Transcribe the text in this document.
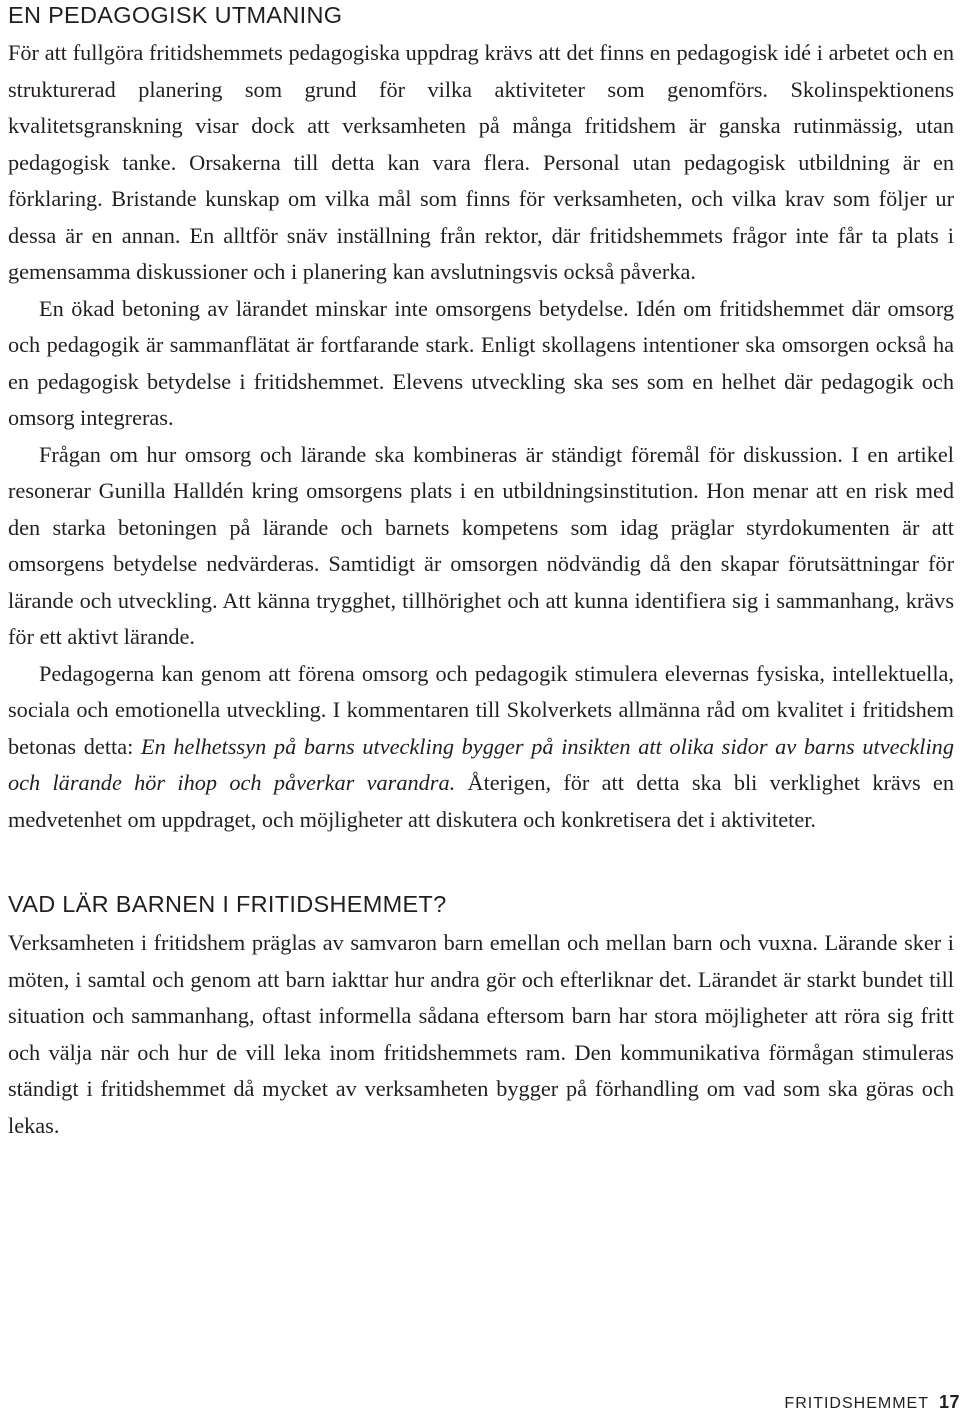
EN PEDAGOGISK UTMANING

För att fullgöra fritidshemmets pedagogiska uppdrag krävs att det finns en pedagogisk idé i arbetet och en strukturerad planering som grund för vilka aktiviteter som genomförs. Skolinspektionens kvalitetsgranskning visar dock att verksamheten på många fritidshem är ganska rutinmässig, utan pedagogisk tanke. Orsakerna till detta kan vara flera. Personal utan pedagogisk utbildning är en förklaring. Bristande kunskap om vilka mål som finns för verksamheten, och vilka krav som följer ur dessa är en annan. En alltför snäv inställning från rektor, där fritidshemmets frågor inte får ta plats i gemensamma diskussioner och i planering kan avslutningsvis också påverka.

En ökad betoning av lärandet minskar inte omsorgens betydelse. Idén om fritidshemmet där omsorg och pedagogik är sammanflätat är fortfarande stark. Enligt skollagens intentioner ska omsorgen också ha en pedagogisk betydelse i fritidshemmet. Elevens utveckling ska ses som en helhet där pedagogik och omsorg integreras.

Frågan om hur omsorg och lärande ska kombineras är ständigt föremål för diskussion. I en artikel resonerar Gunilla Halldén kring omsorgens plats i en utbildningsinstitution. Hon menar att en risk med den starka betoningen på lärande och barnets kompetens som idag präglar styrdokumenten är att omsorgens betydelse nedvärderas. Samtidigt är omsorgen nödvändig då den skapar förutsättningar för lärande och utveckling. Att känna trygghet, tillhörighet och att kunna identifiera sig i sammanhang, krävs för ett aktivt lärande.

Pedagogerna kan genom att förena omsorg och pedagogik stimulera elevernas fysiska, intellektuella, sociala och emotionella utveckling. I kommentaren till Skolverkets allmänna råd om kvalitet i fritidshem betonas detta: En helhetssyn på barns utveckling bygger på insikten att olika sidor av barns utveckling och lärande hör ihop och påverkar varandra. Återigen, för att detta ska bli verklighet krävs en medvetenhet om uppdraget, och möjligheter att diskutera och konkretisera det i aktiviteter.

VAD LÄR BARNEN I FRITIDSHEMMET?

Verksamheten i fritidshem präglas av samvaron barn emellan och mellan barn och vuxna. Lärande sker i möten, i samtal och genom att barn iakttar hur andra gör och efterliknar det. Lärandet är starkt bundet till situation och sammanhang, oftast informella sådana eftersom barn har stora möjligheter att röra sig fritt och välja när och hur de vill leka inom fritidshemmets ram. Den kommunikativa förmågan stimuleras ständigt i fritidshemmet då mycket av verksamheten bygger på förhandling om vad som ska göras och lekas.

FRITIDSHEMMET 17
